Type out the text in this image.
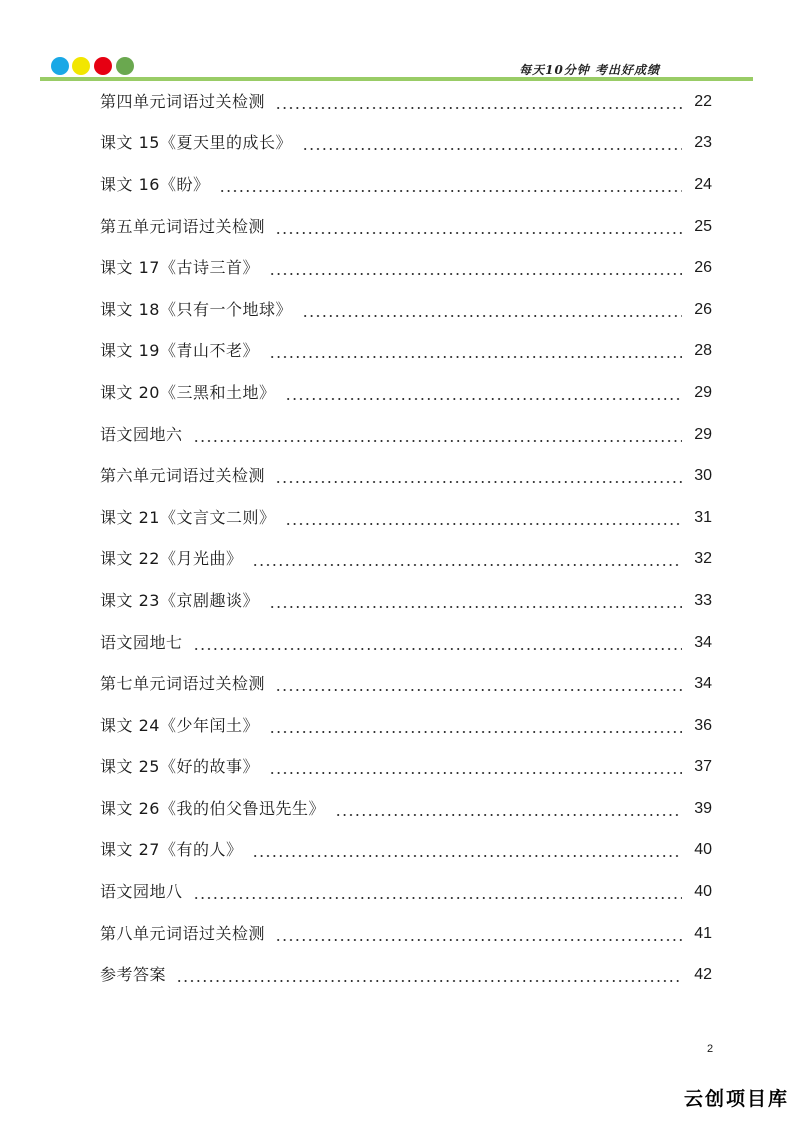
每天10分钟 考出好成绩
第四单元词语过关检测	22
课文 15《夏天里的成长》	23
课文 16《盼》	24
第五单元词语过关检测	25
课文 17《古诗三首》	26
课文 18《只有一个地球》	26
课文 19《青山不老》	28
课文 20《三黑和土地》	29
语文园地六	29
第六单元词语过关检测	30
课文 21《文言文二则》	31
课文 22《月光曲》	32
课文 23《京剧趣谈》	33
语文园地七	34
第七单元词语过关检测	34
课文 24《少年闰土》	36
课文 25《好的故事》	37
课文 26《我的伯父鲁迅先生》	39
课文 27《有的人》	40
语文园地八	40
第八单元词语过关检测	41
参考答案	42
2
云创项目库
